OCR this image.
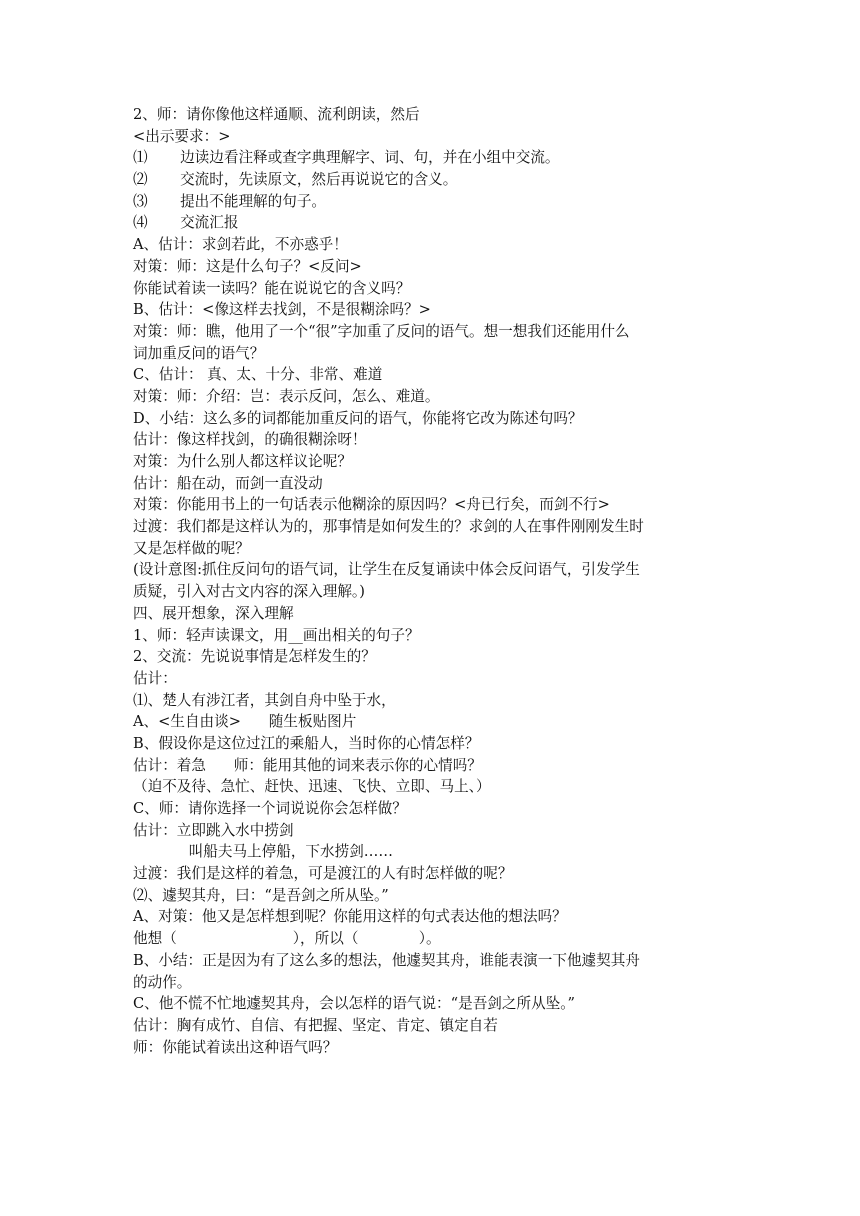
2、师：请你像他这样通顺、流利朗读，然后
<出示要求：>
⑴       边读边看注释或查字典理解字、词、句，并在小组中交流。
⑵       交流时，先读原文，然后再说说它的含义。
⑶       提出不能理解的句子。
⑷       交流汇报
A、估计：求剑若此，不亦惑乎！
对策：师：这是什么句子？<反问>
你能试着读一读吗？能在说说它的含义吗？
B、估计：<像这样去找剑，不是很糊涂吗？>
对策：师：瞧，他用了一个“很”字加重了反问的语气。想一想我们还能用什么
词加重反问的语气？
C、估计： 真、太、十分、非常、难道
对策：师：介绍：岂：表示反问，怎么、难道。
D、小结：这么多的词都能加重反问的语气，你能将它改为陈述句吗？
估计：像这样找剑，的确很糊涂呀！
对策：为什么别人都这样议论呢？
估计：船在动，而剑一直没动
对策：你能用书上的一句话表示他糊涂的原因吗？<舟已行矣，而剑不行>
过渡：我们都是这样认为的，那事情是如何发生的？求剑的人在事件刚刚发生时
又是怎样做的呢？
(设计意图:抓住反问句的语气词，让学生在反复诵读中体会反问语气，引发学生
质疑，引入对古文内容的深入理解。)
四、展开想象，深入理解
1、师：轻声读课文，用__画出相关的句子？
2、交流：先说说事情是怎样发生的？
估计：
⑴、楚人有涉江者，其剑自舟中坠于水，
A、<生自由谈>      随生板贴图片
B、假设你是这位过江的乘船人，当时你的心情怎样？
估计：着急      师：能用其他的词来表示你的心情吗？
（迫不及待、急忙、赶快、迅速、飞快、立即、马上、）
C、师：请你选择一个词说说你会怎样做？
估计：立即跳入水中捞剑
叫船夫马上停船，下水捞剑……
过渡：我们是这样的着急，可是渡江的人有时怎样做的呢？
⑵、遽契其舟，曰：“是吾剑之所从坠。”
A、对策：他又是怎样想到呢？你能用这样的句式表达他的想法吗？
他想（                         ），所以（             ）。
B、小结：正是因为有了这么多的想法，他遽契其舟，谁能表演一下他遽契其舟
的动作。
C、他不慌不忙地遽契其舟，会以怎样的语气说：“是吾剑之所从坠。”
估计：胸有成竹、自信、有把握、坚定、肯定、镇定自若
师：你能试着读出这种语气吗？
